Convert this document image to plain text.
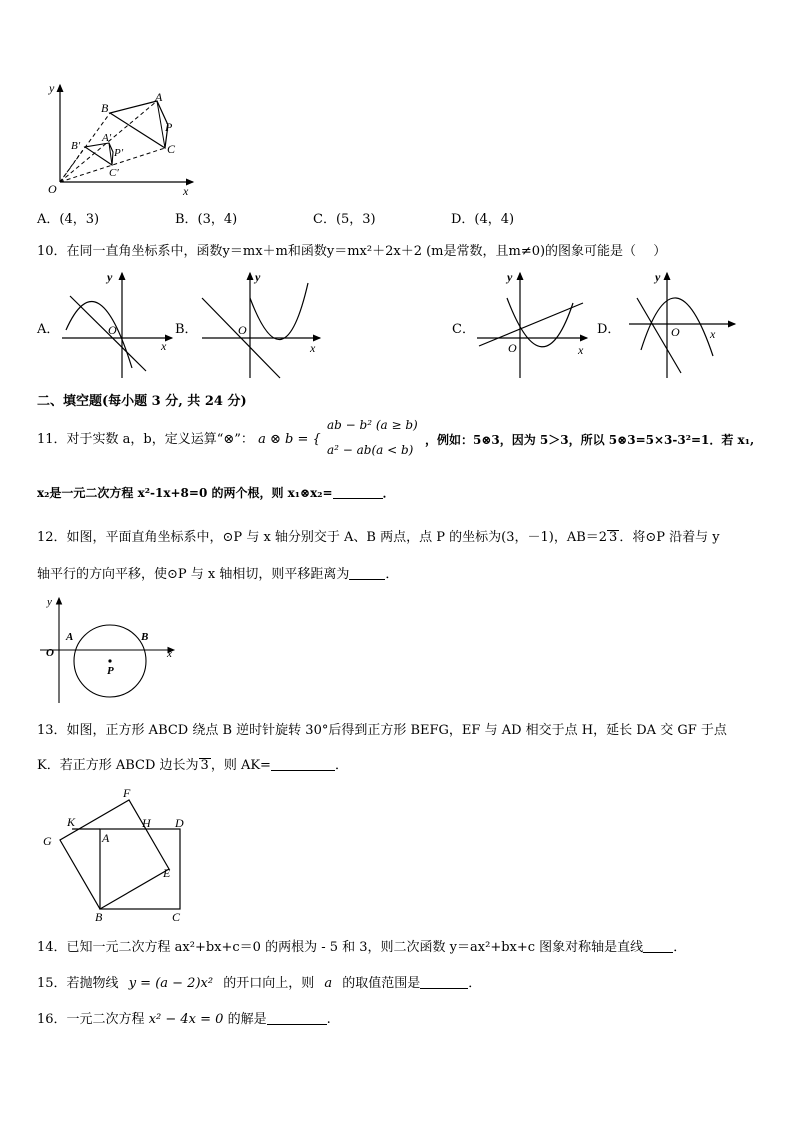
y
x
O
A
B
C
P
A′
B′
P′
C′
A．(4，3)	B．(3，4)	C．(5，3)	D．(4，4)
10．在同一直角坐标系中，函数y＝mx＋m和函数y＝mx²＋2x＋2 (m是常数，且m≠0)的图象可能是（　 ）
A．
y
x
O	B．
y
x
O	C．
y
x
O
D．
y
x
O
二、填空题(每小题 3 分, 共 24 分)
11．对于实数 a，b，定义运算“⊗”： a ⊗ b = {
ab − b² (a ≥ b)
a² − ab(a < b)
，例如：5⊗3，因为 5＞3，所以 5⊗3=5×3-3²=1．若 x₁,
x₂是一元二次方程 x²-1x+8=0 的两个根，则 x₁⊗x₂=	．
12．如图，平面直角坐标系中，⊙P 与 x 轴分别交于 A、B 两点，点 P 的坐标为(3，－1)，AB＝2 3 ．将⊙P 沿着与 y
轴平行的方向平移，使⊙P 与 x 轴相切，则平移距离为	．
y
x
O
A	B
P
13．如图，正方形 ABCD 绕点 B 逆时针旋转 30°后得到正方形 BEFG，EF 与 AD 相交于点 H，延长 DA 交 GF 于点
K．若正方形 ABCD 边长为 3 ，则 AK=	．
F
K	H D
G	A
E
B	C
14．已知一元二次方程 ax²+bx+c＝0 的两根为 - 5 和 3，则二次函数 y＝ax²+bx+c 图象对称轴是直线 ．
15．若抛物线 y = (a − 2)x² 的开口向上，则 a 的取值范围是	．
16．一元二次方程 x² − 4x = 0 的解是	.
